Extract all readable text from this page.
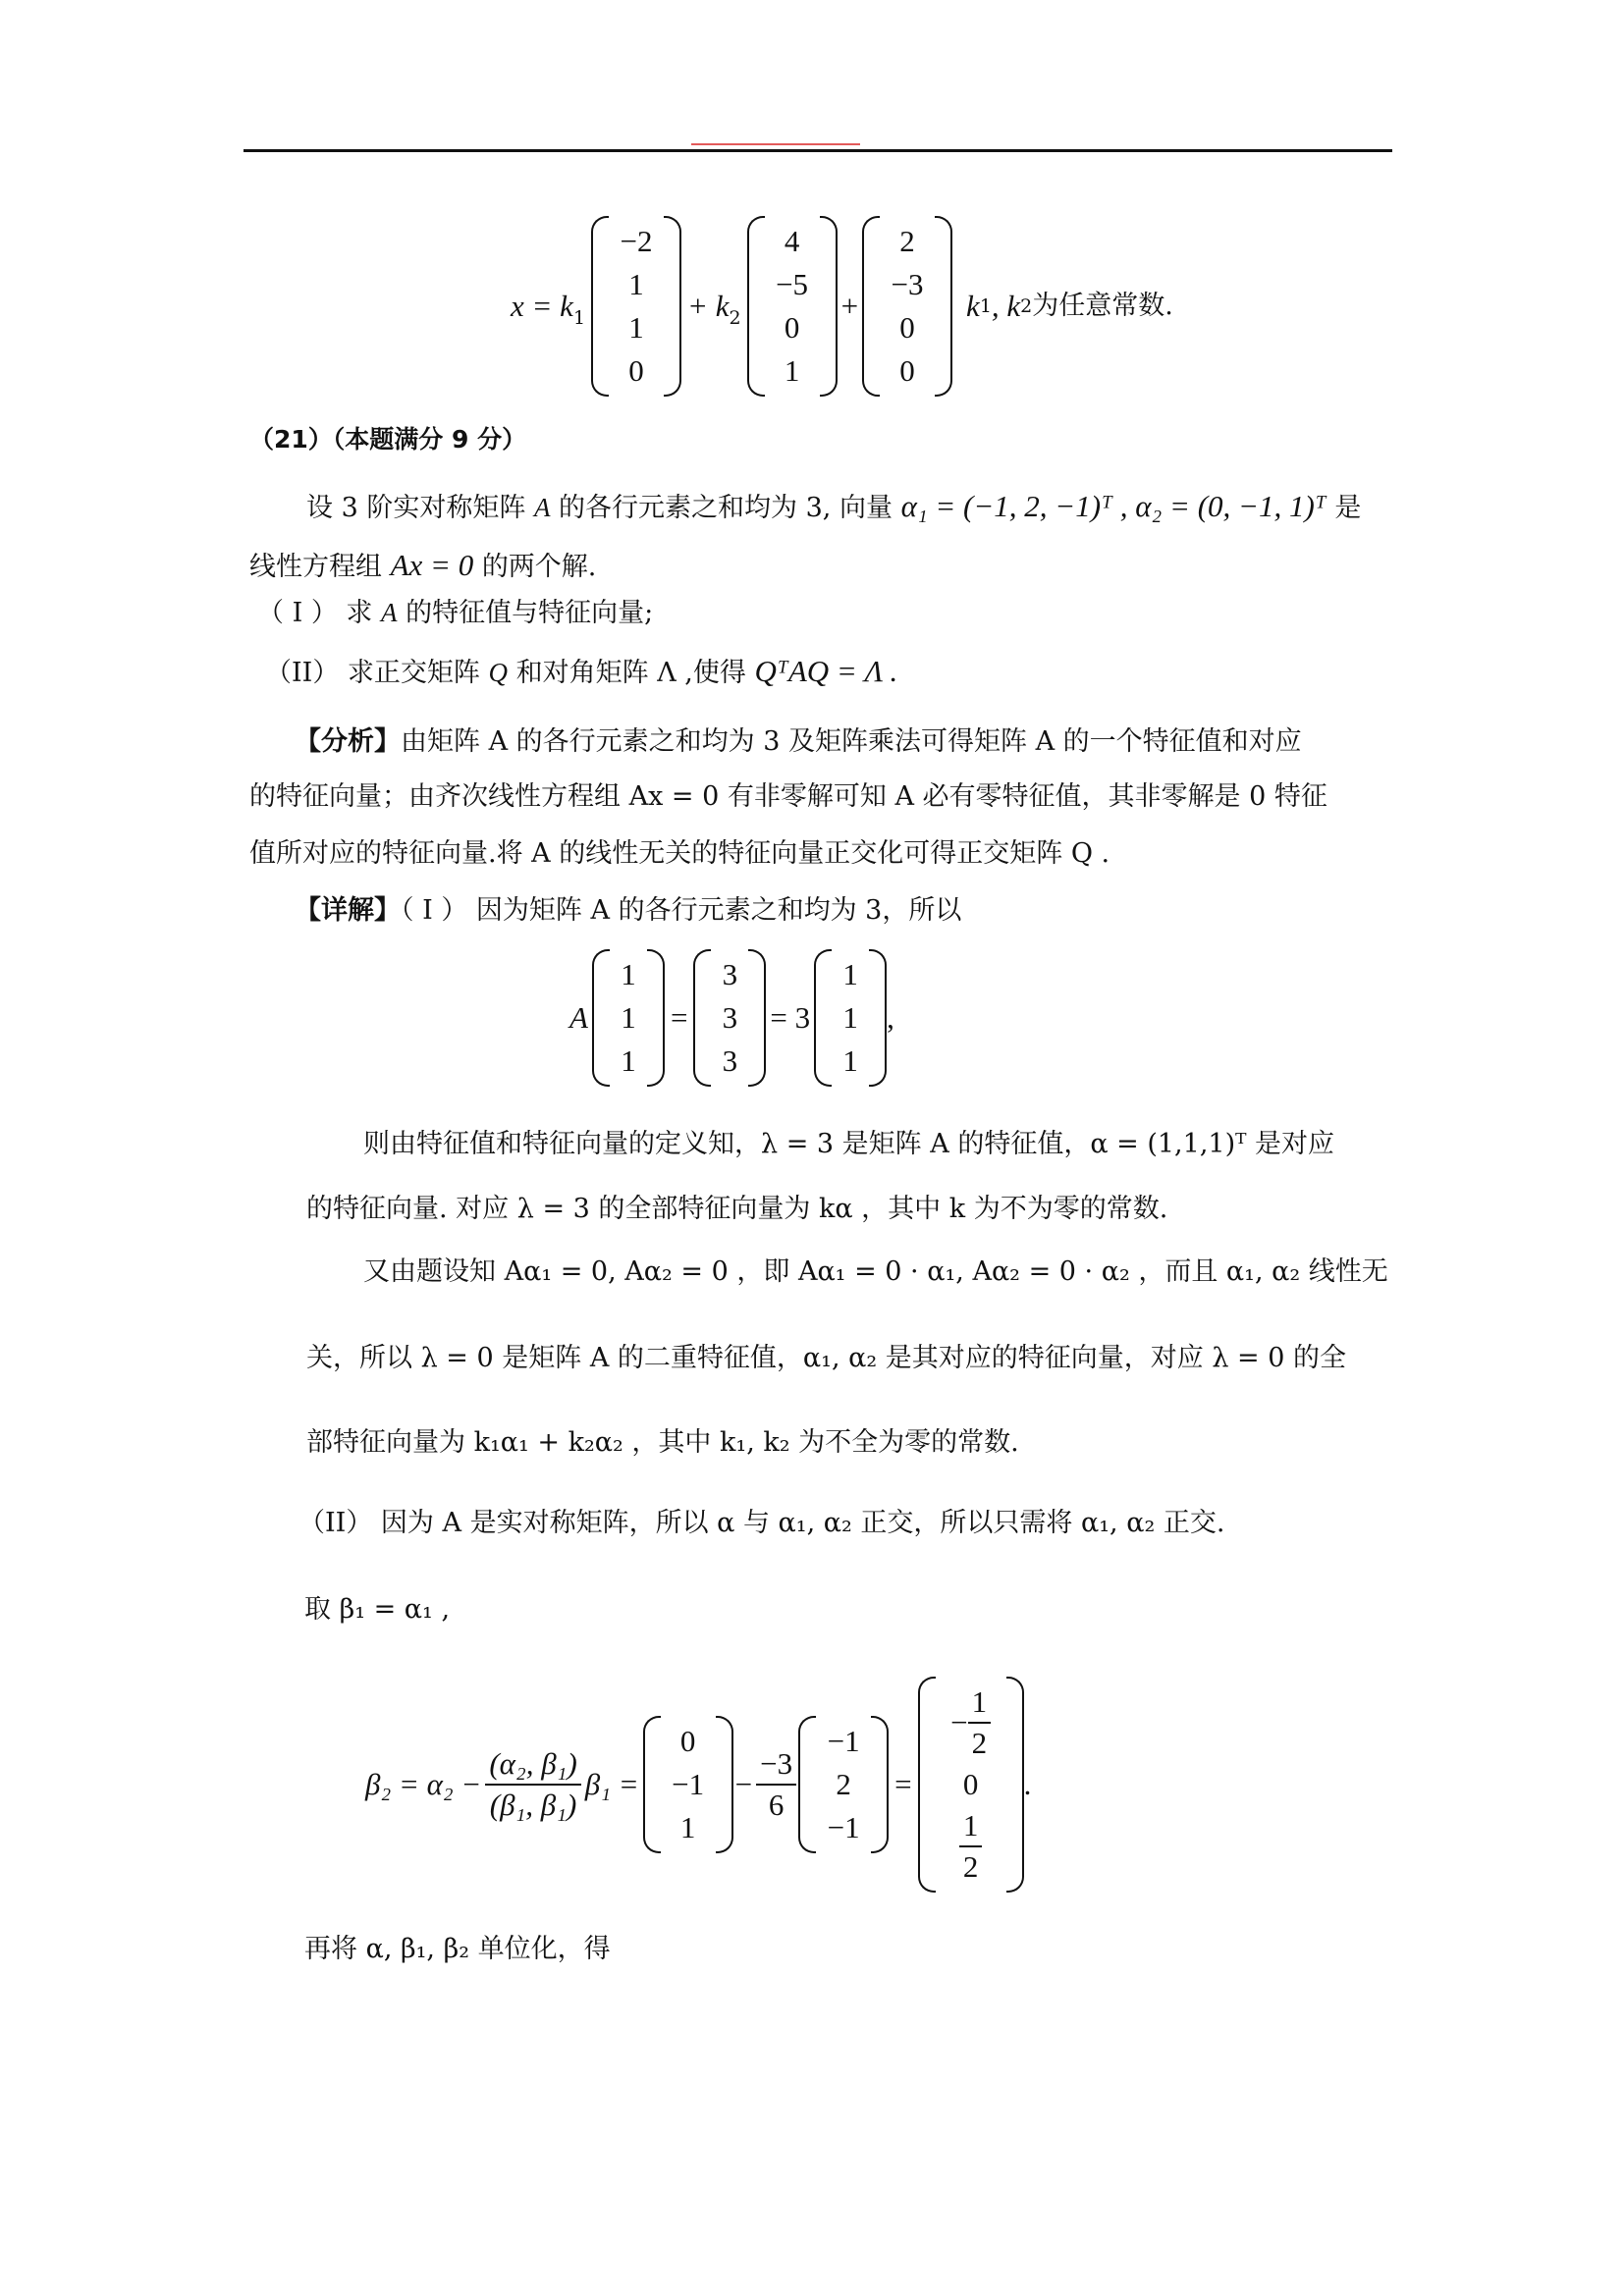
x = k 1
−2
1
1
0
+ k 2
4
−5
0
1
+
2
−3
0
0
k 1 , k 2 为任意常数.
（21）（本题满分 9 分）
设 3 阶实对称矩阵 A 的各行元素之和均为 3, 向量 α₁ = (−1, 2, −1)ᵀ , α₂ = (0, −1, 1)ᵀ 是
线性方程组 Ax = 0 的两个解.
（ I ） 求 A 的特征值与特征向量;
（II） 求正交矩阵 Q 和对角矩阵 Λ ,使得 QᵀAQ = Λ .
【分析】由矩阵 A 的各行元素之和均为 3 及矩阵乘法可得矩阵 A 的一个特征值和对应
的特征向量；由齐次线性方程组 Ax = 0 有非零解可知 A 必有零特征值，其非零解是 0 特征
值所对应的特征向量.将 A 的线性无关的特征向量正交化可得正交矩阵 Q .
【详解】（ I ） 因为矩阵 A 的各行元素之和均为 3，所以
A
1
1
1
=
3
3
3
= 3
1
1
1
,
则由特征值和特征向量的定义知，λ = 3 是矩阵 A 的特征值，α = (1,1,1)ᵀ 是对应
的特征向量. 对应 λ = 3 的全部特征向量为 kα ，其中 k 为不为零的常数.
又由题设知 Aα₁ = 0, Aα₂ = 0 ，即 Aα₁ = 0 · α₁, Aα₂ = 0 · α₂ ，而且 α₁, α₂ 线性无
关，所以 λ = 0 是矩阵 A 的二重特征值，α₁, α₂ 是其对应的特征向量，对应 λ = 0 的全
部特征向量为 k₁α₁ + k₂α₂ ，其中 k₁, k₂ 为不全为零的常数.
（II） 因为 A 是实对称矩阵，所以 α 与 α₁, α₂ 正交，所以只需将 α₁, α₂ 正交.
取 β₁ = α₁ ,
$\beta_2 = \alpha_2 - \frac{\text{(α₂, β₁)}}{\text{(β₁, β₁)}} \beta_1$ =
0
−1
1
− $\frac{-3}{6}$
−1
2
−1
=
− $\frac{1}{2}$
0
$\frac{1}{2}$
.
再将 α, β₁, β₂ 单位化，得
